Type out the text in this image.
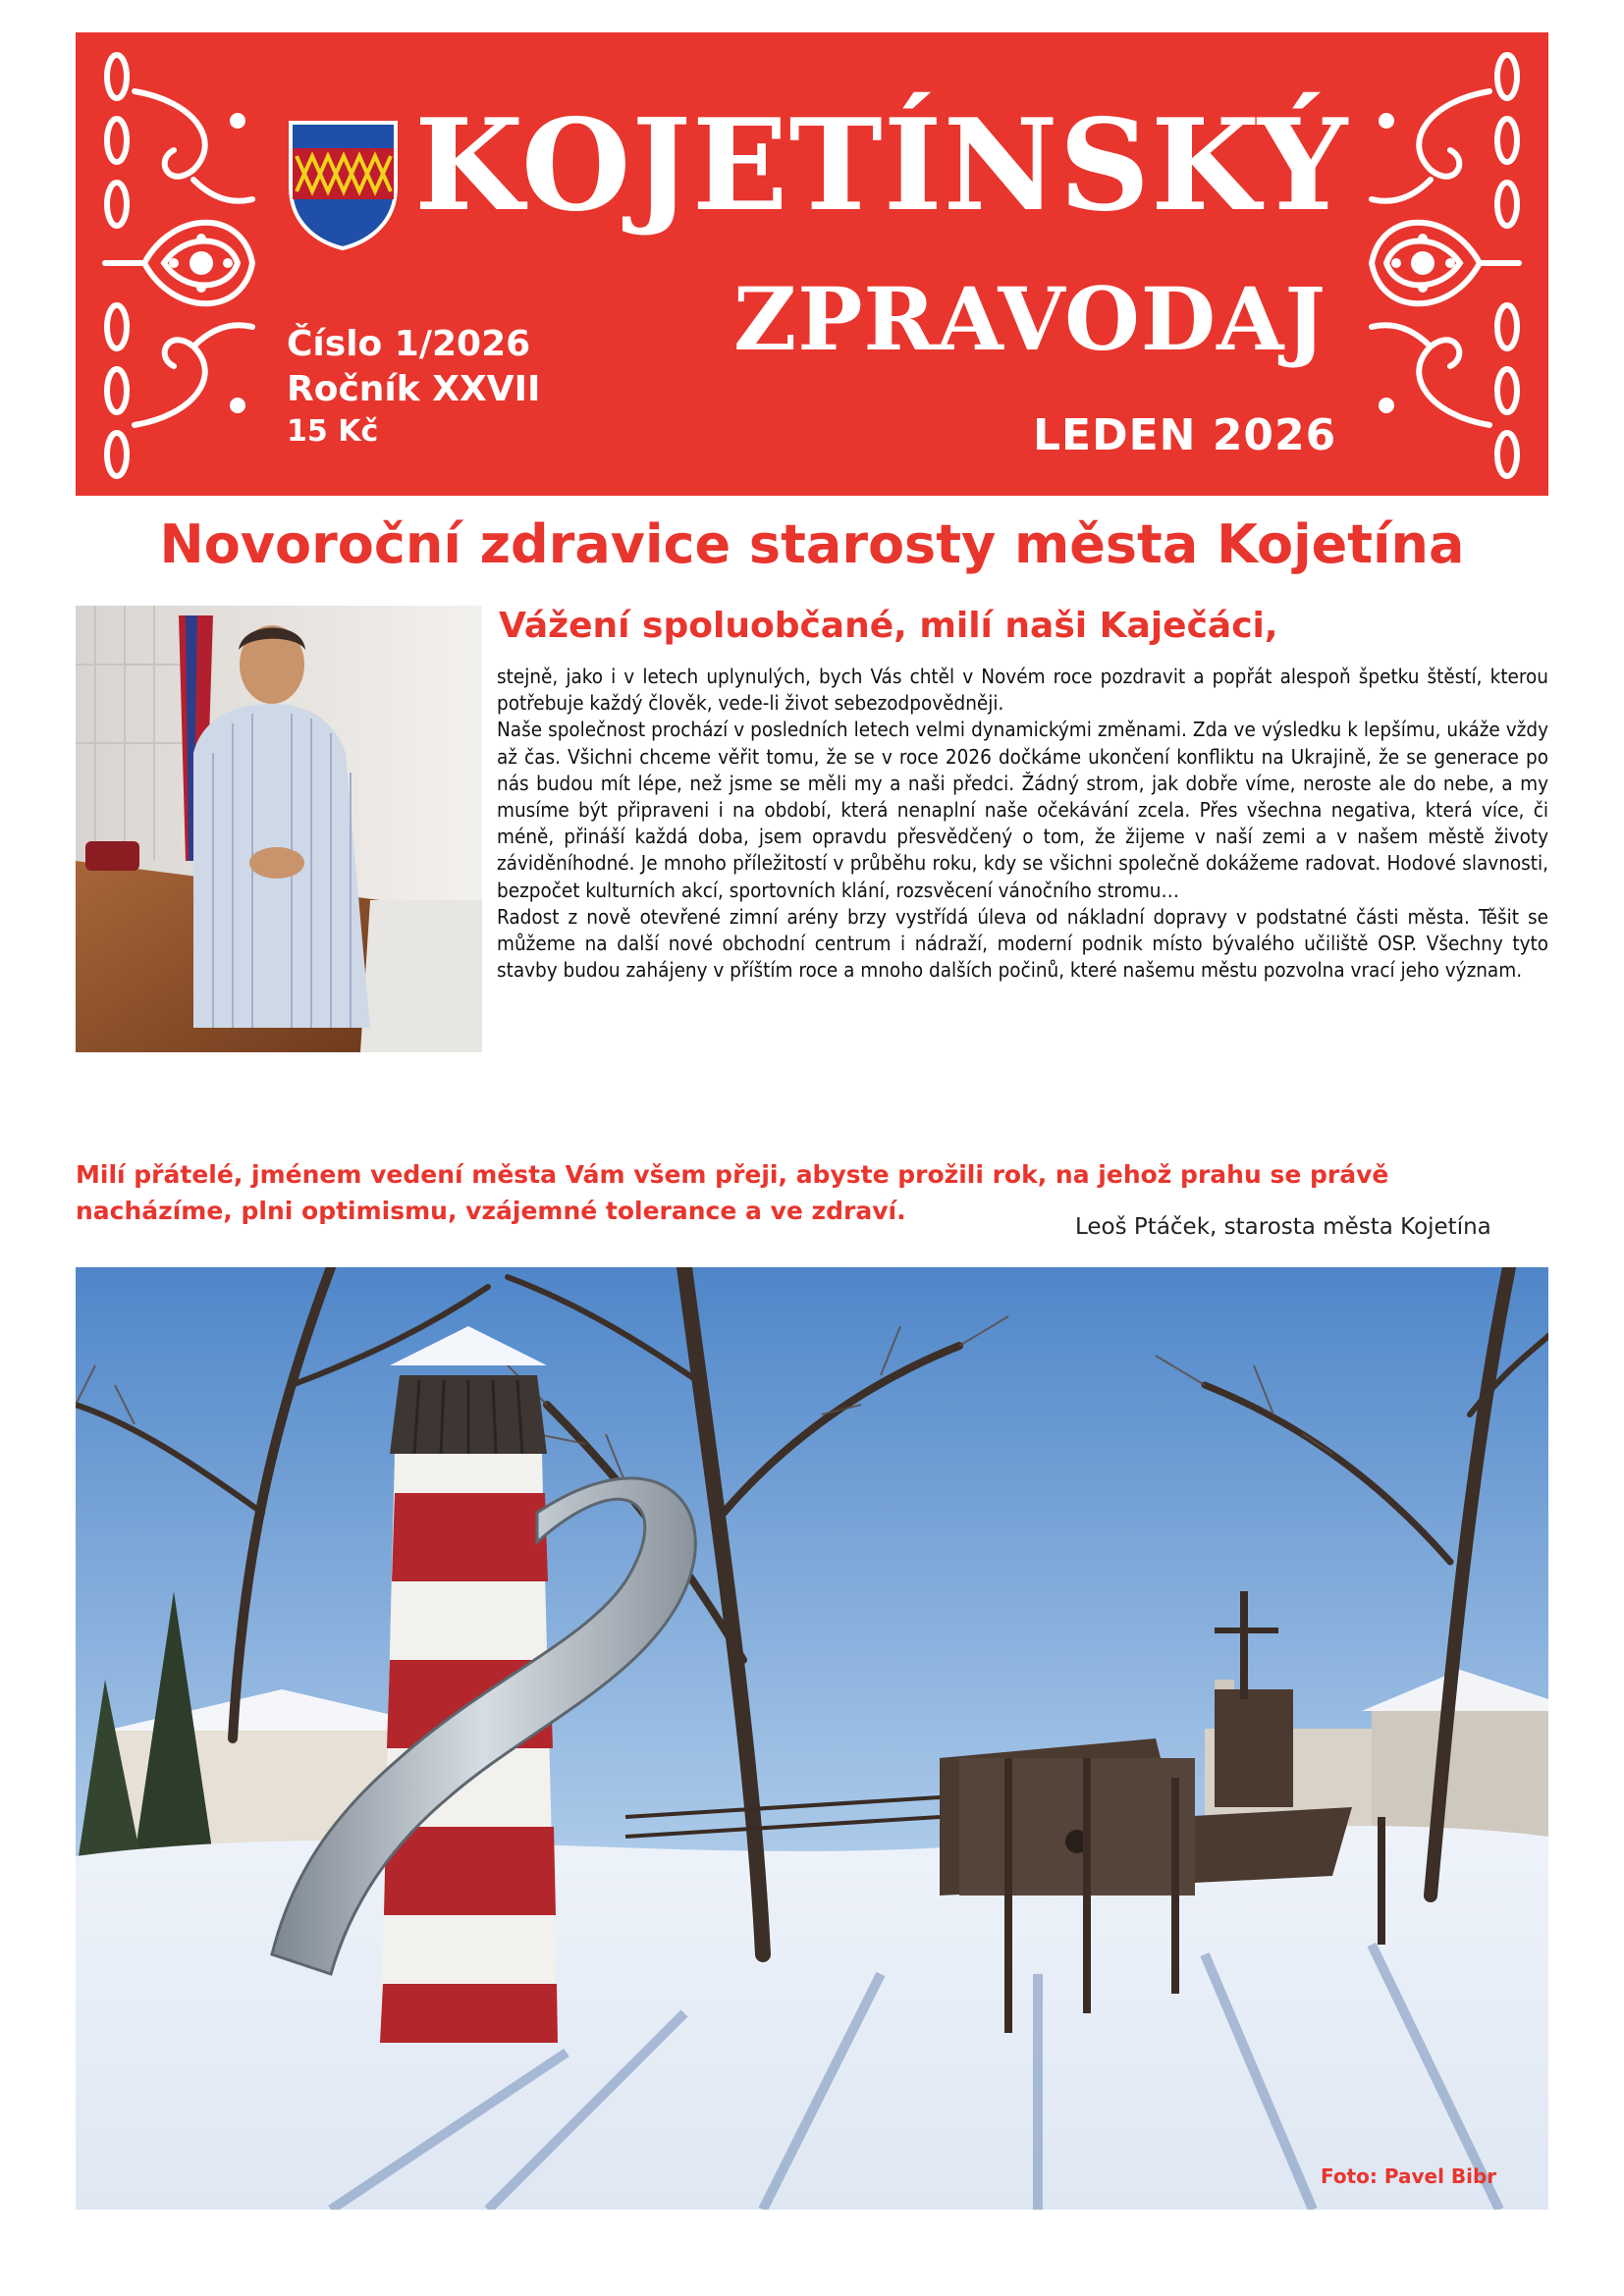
KOJETÍNSKÝ
ZPRAVODAJ
Číslo 1/2026
Ročník XXVII
15 Kč	LEDEN 2026
Novoroční zdravice starosty města Kojetína
Vážení spoluobčané, milí naši Kaječáci,

stejně, jako i v letech uplynulých, bych Vás chtěl v Novém roce pozdravit a popřát alespoň špetku štěstí, kterou potřebuje každý člověk, vede-li život sebezodpovědněji.

Naše společnost prochází v posledních letech velmi dynamickými změnami. Zda ve výsledku k lepšímu, ukáže vždy až čas. Všichni chceme věřit tomu, že se v roce 2026 dočkáme ukončení konfliktu na Ukrajině, že se generace po nás budou mít lépe, než jsme se měli my a naši předci. Žádný strom, jak dobře víme, neroste ale do nebe, a my musíme být připraveni i na období, která nenaplní naše očekávání zcela. Přes všechna negativa, která více, či méně, přináší každá doba, jsem opravdu přesvědčený o tom, že žijeme v naší zemi a v našem městě životy záviděníhodné. Je mnoho příležitostí v průběhu roku, kdy se všichni společně dokážeme radovat. Hodové slavnosti, bezpočet kulturních akcí, sportovních klání, rozsvěcení vánočního stromu…

Radost z nově otevřené zimní arény brzy vystřídá úleva od nákladní dopravy v podstatné části města. Těšit se můžeme na další nové obchodní centrum i nádraží, moderní podnik místo bývalého učiliště OSP. Všechny tyto stavby budou zahájeny v příštím roce a mnoho dalších počinů, které našemu městu pozvolna vrací jeho význam.

Milí přátelé, jménem vedení města Vám všem přeji, abyste prožili rok, na jehož prahu se právě nacházíme, plni optimismu, vzájemné tolerance a ve zdraví.
Leoš Ptáček, starosta města Kojetína
Foto: Pavel Bibr
